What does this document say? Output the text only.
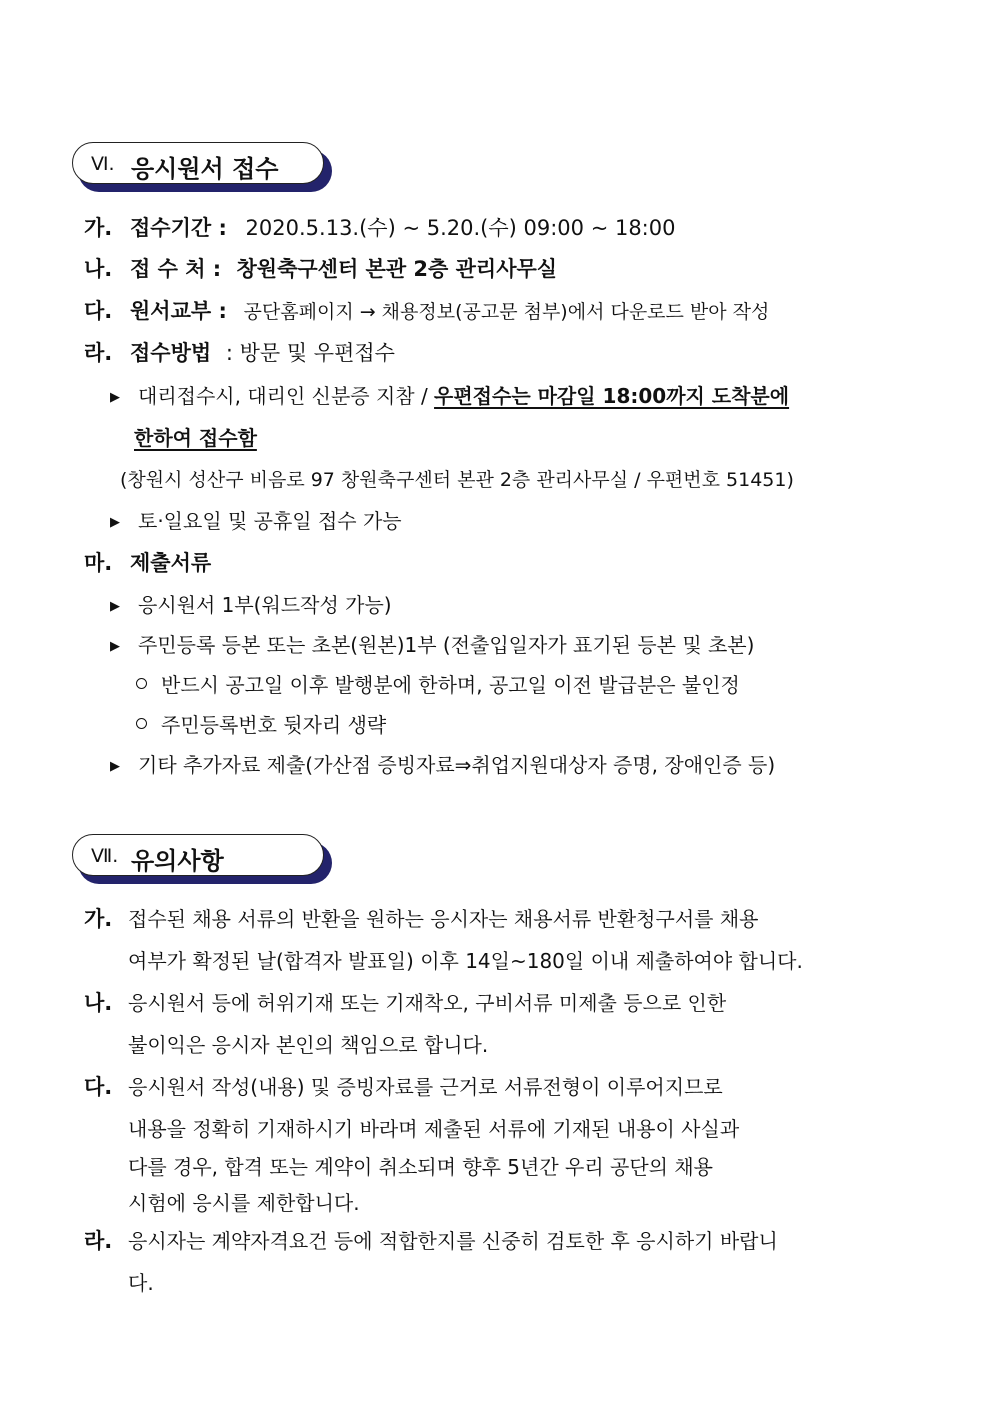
Ⅵ. 응시원서 접수
가. 접수기간 : 2020.5.13.(수) ~ 5.20.(수) 09:00 ~ 18:00
나. 접 수 처 : 창원축구센터 본관 2층 관리사무실
다. 원서교부 : 공단홈페이지 → 채용정보(공고문 첨부)에서 다운로드 받아 작성
라. 접수방법 : 방문 및 우편접수
▶ 대리접수시, 대리인 신분증 지참 / 우편접수는 마감일 18:00까지 도착분에
한하여 접수함
(창원시 성산구 비음로 97 창원축구센터 본관 2층 관리사무실 / 우편번호 51451)
▶ 토·일요일 및 공휴일 접수 가능
마. 제출서류
▶ 응시원서 1부(워드작성 가능)
▶ 주민등록 등본 또는 초본(원본)1부 (전출입일자가 표기된 등본 및 초본)
반드시 공고일 이후 발행분에 한하며, 공고일 이전 발급분은 불인정
주민등록번호 뒷자리 생략
▶ 기타 추가자료 제출(가산점 증빙자료⇒취업지원대상자 증명, 장애인증 등)
Ⅶ. 유의사항
가. 접수된 채용 서류의 반환을 원하는 응시자는 채용서류 반환청구서를 채용
여부가 확정된 날(합격자 발표일) 이후 14일~180일 이내 제출하여야 합니다.
나. 응시원서 등에 허위기재 또는 기재착오, 구비서류 미제출 등으로 인한
불이익은 응시자 본인의 책임으로 합니다.
다. 응시원서 작성(내용) 및 증빙자료를 근거로 서류전형이 이루어지므로
내용을 정확히 기재하시기 바라며 제출된 서류에 기재된 내용이 사실과
다를 경우, 합격 또는 계약이 취소되며 향후 5년간 우리 공단의 채용
시험에 응시를 제한합니다.
라. 응시자는 계약자격요건 등에 적합한지를 신중히 검토한 후 응시하기 바랍니
다.
